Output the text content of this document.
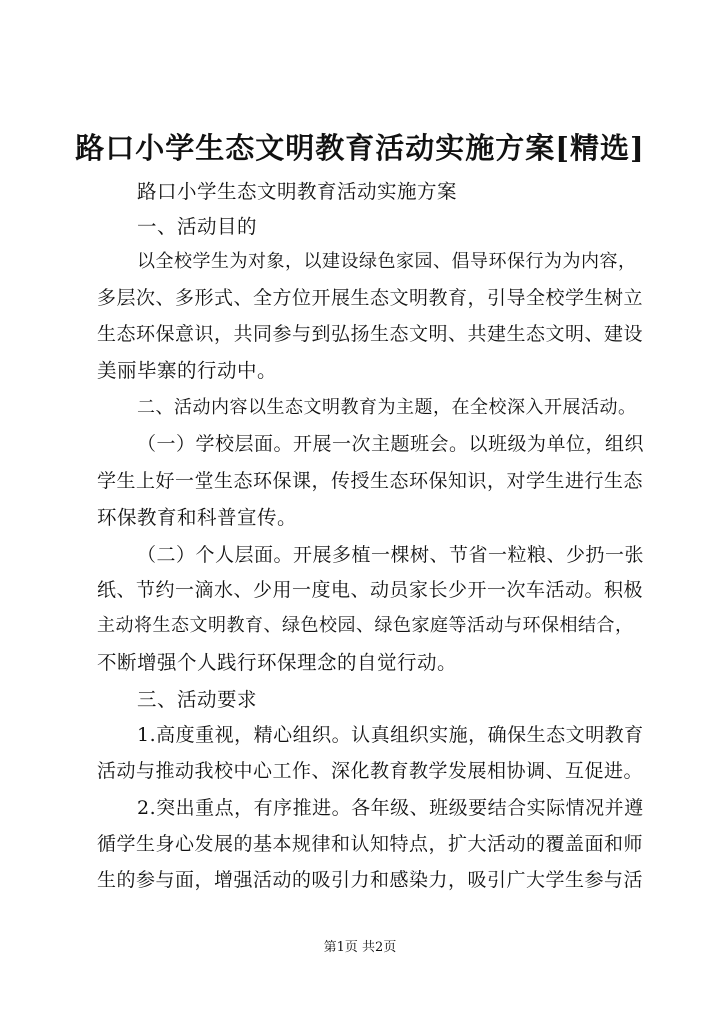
路口小学生态文明教育活动实施方案[精选]
路口小学生态文明教育活动实施方案
一、活动目的
以全校学生为对象，以建设绿色家园、倡导环保行为为内容，
多层次、多形式、全方位开展生态文明教育，引导全校学生树立
生态环保意识，共同参与到弘扬生态文明、共建生态文明、建设
美丽毕寨的行动中。
二、活动内容以生态文明教育为主题，在全校深入开展活动。
（一）学校层面。开展一次主题班会。以班级为单位，组织
学生上好一堂生态环保课，传授生态环保知识，对学生进行生态
环保教育和科普宣传。
（二）个人层面。开展多植一棵树、节省一粒粮、少扔一张
纸、节约一滴水、少用一度电、动员家长少开一次车活动。积极
主动将生态文明教育、绿色校园、绿色家庭等活动与环保相结合，
不断增强个人践行环保理念的自觉行动。
三、活动要求
1.高度重视，精心组织。认真组织实施，确保生态文明教育
活动与推动我校中心工作、深化教育教学发展相协调、互促进。
2.突出重点，有序推进。各年级、班级要结合实际情况并遵
循学生身心发展的基本规律和认知特点，扩大活动的覆盖面和师
生的参与面，增强活动的吸引力和感染力，吸引广大学生参与活
第1页 共2页
